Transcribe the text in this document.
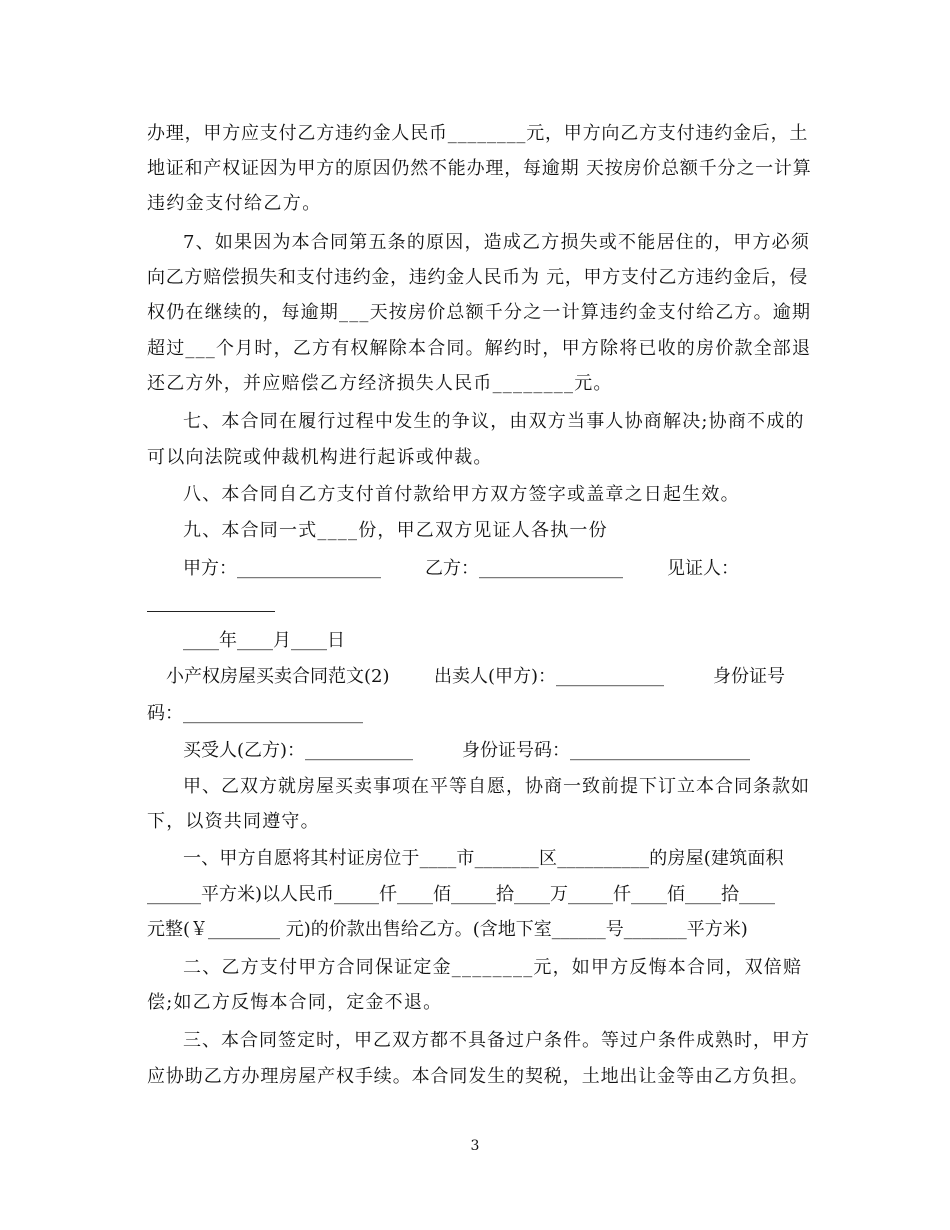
办理，甲方应支付乙方违约金人民币________元，甲方向乙方支付违约金后，土
地证和产权证因为甲方的原因仍然不能办理，每逾期 天按房价总额千分之一计算
违约金支付给乙方。
7、如果因为本合同第五条的原因，造成乙方损失或不能居住的，甲方必须
向乙方赔偿损失和支付违约金，违约金人民币为 元，甲方支付乙方违约金后，侵
权仍在继续的，每逾期___天按房价总额千分之一计算违约金支付给乙方。逾期
超过___个月时，乙方有权解除本合同。解约时，甲方除将已收的房价款全部退
还乙方外，并应赔偿乙方经济损失人民币________元。
七、本合同在履行过程中发生的争议，由双方当事人协商解决;协商不成的
可以向法院或仲裁机构进行起诉或仲裁。
八、本合同自乙方支付首付款给甲方双方签字或盖章之日起生效。
九、本合同一式____份，甲乙双方见证人各执一份
甲方：________________ 乙方：________________ 见证人：
____年____月____日
小产权房屋买卖合同范文(2) 出卖人(甲方)：____________	身份证号
码：____________________
买受人(乙方)：____________	身份证号码：____________________
甲、乙双方就房屋买卖事项在平等自愿，协商一致前提下订立本合同条款如
下，以资共同遵守。
一、甲方自愿将其村证房位于____市_______区__________的房屋(建筑面积
______平方米)以人民币_____仟____佰_____拾____万_____仟____佰____拾____
元整(￥________ 元)的价款出售给乙方。(含地下室______号_______平方米)
二、乙方支付甲方合同保证定金________元，如甲方反悔本合同，双倍赔
偿;如乙方反悔本合同，定金不退。
三、本合同签定时，甲乙双方都不具备过户条件。等过户条件成熟时，甲方
应协助乙方办理房屋产权手续。本合同发生的契税，土地出让金等由乙方负担。
3
